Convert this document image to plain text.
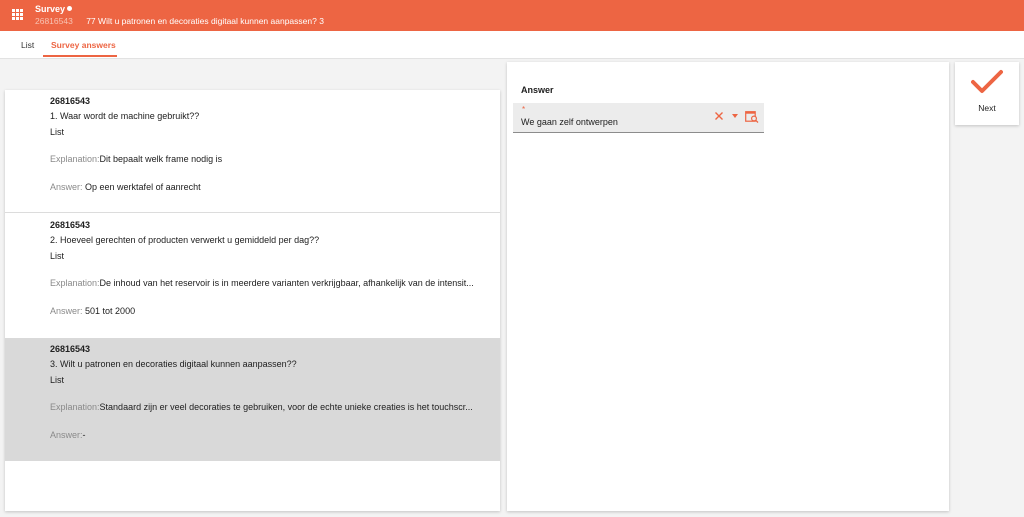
Survey
26816543 77 Wilt u patronen en decoraties digitaal kunnen aanpassen? 3
List Survey answers
26816543
1. Waar wordt de machine gebruikt??
List
Explanation:Dit bepaalt welk frame nodig is
Answer: Op een werktafel of aanrecht
26816543
2. Hoeveel gerechten of producten verwerkt u gemiddeld per dag??
List
Explanation:De inhoud van het reservoir is in meerdere varianten verkrijgbaar, afhankelijk van de intensit...
Answer: 501 tot 2000
26816543
3. Wilt u patronen en decoraties digitaal kunnen aanpassen??
List
Explanation:Standaard zijn er veel decoraties te gebruiken, voor de echte unieke creaties is het touchscr...
Answer:-
Answer
*
We gaan zelf ontwerpen
Next
